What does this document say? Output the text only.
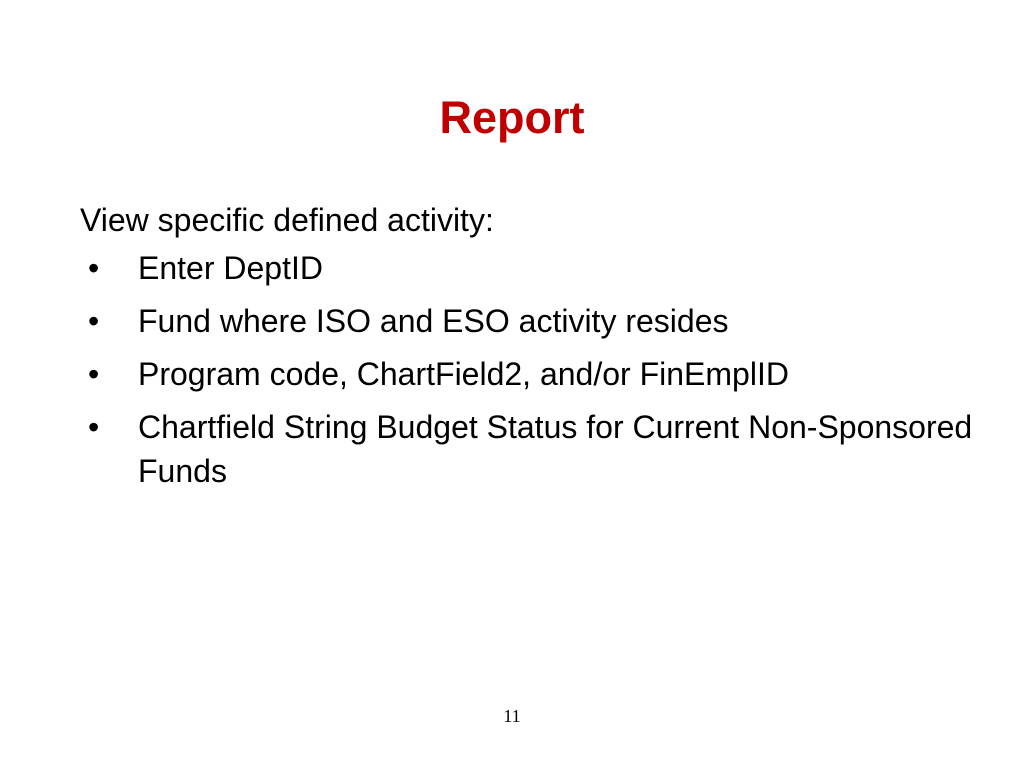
Report

View specific defined activity:

• Enter DeptID
• Fund where ISO and ESO activity resides
• Program code, ChartField2, and/or FinEmplID
• Chartfield String Budget Status for Current Non-Sponsored Funds
11
